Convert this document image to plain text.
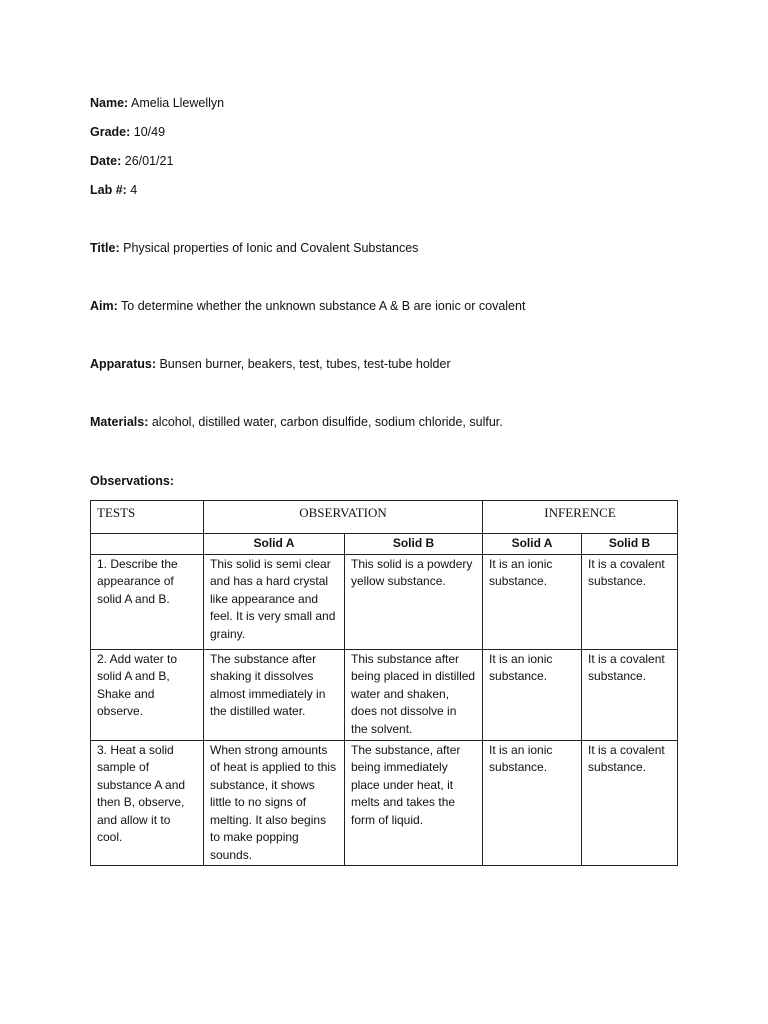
Name: Amelia Llewellyn
Grade: 10/49
Date: 26/01/21
Lab #: 4
Title: Physical properties of Ionic and Covalent Substances
Aim: To determine whether the unknown substance A & B are ionic or covalent
Apparatus: Bunsen burner, beakers, test, tubes, test-tube holder
Materials: alcohol, distilled water, carbon disulfide, sodium chloride, sulfur.
Observations:
TESTS	OBSERVATION		INFERENCE	
	Solid A	Solid B	Solid A	Solid B
1. Describe the appearance of solid A and B.	This solid is semi clear and has a hard crystal like appearance and feel. It is very small and grainy.	This solid is a powdery yellow substance.	It is an ionic substance.	It is a covalent substance.
2. Add water to solid A and B, Shake and observe.	The substance after shaking it dissolves almost immediately in the distilled water.	This substance after being placed in distilled water and shaken, does not dissolve in the solvent.	It is an ionic substance.	It is a covalent substance.
3. Heat a solid sample of substance A and then B, observe, and allow it to cool.	When strong amounts of heat is applied to this substance, it shows little to no signs of melting. It also begins to make popping sounds.	The substance, after being immediately place under heat, it melts and takes the form of liquid.	It is an ionic substance.	It is a covalent substance.
